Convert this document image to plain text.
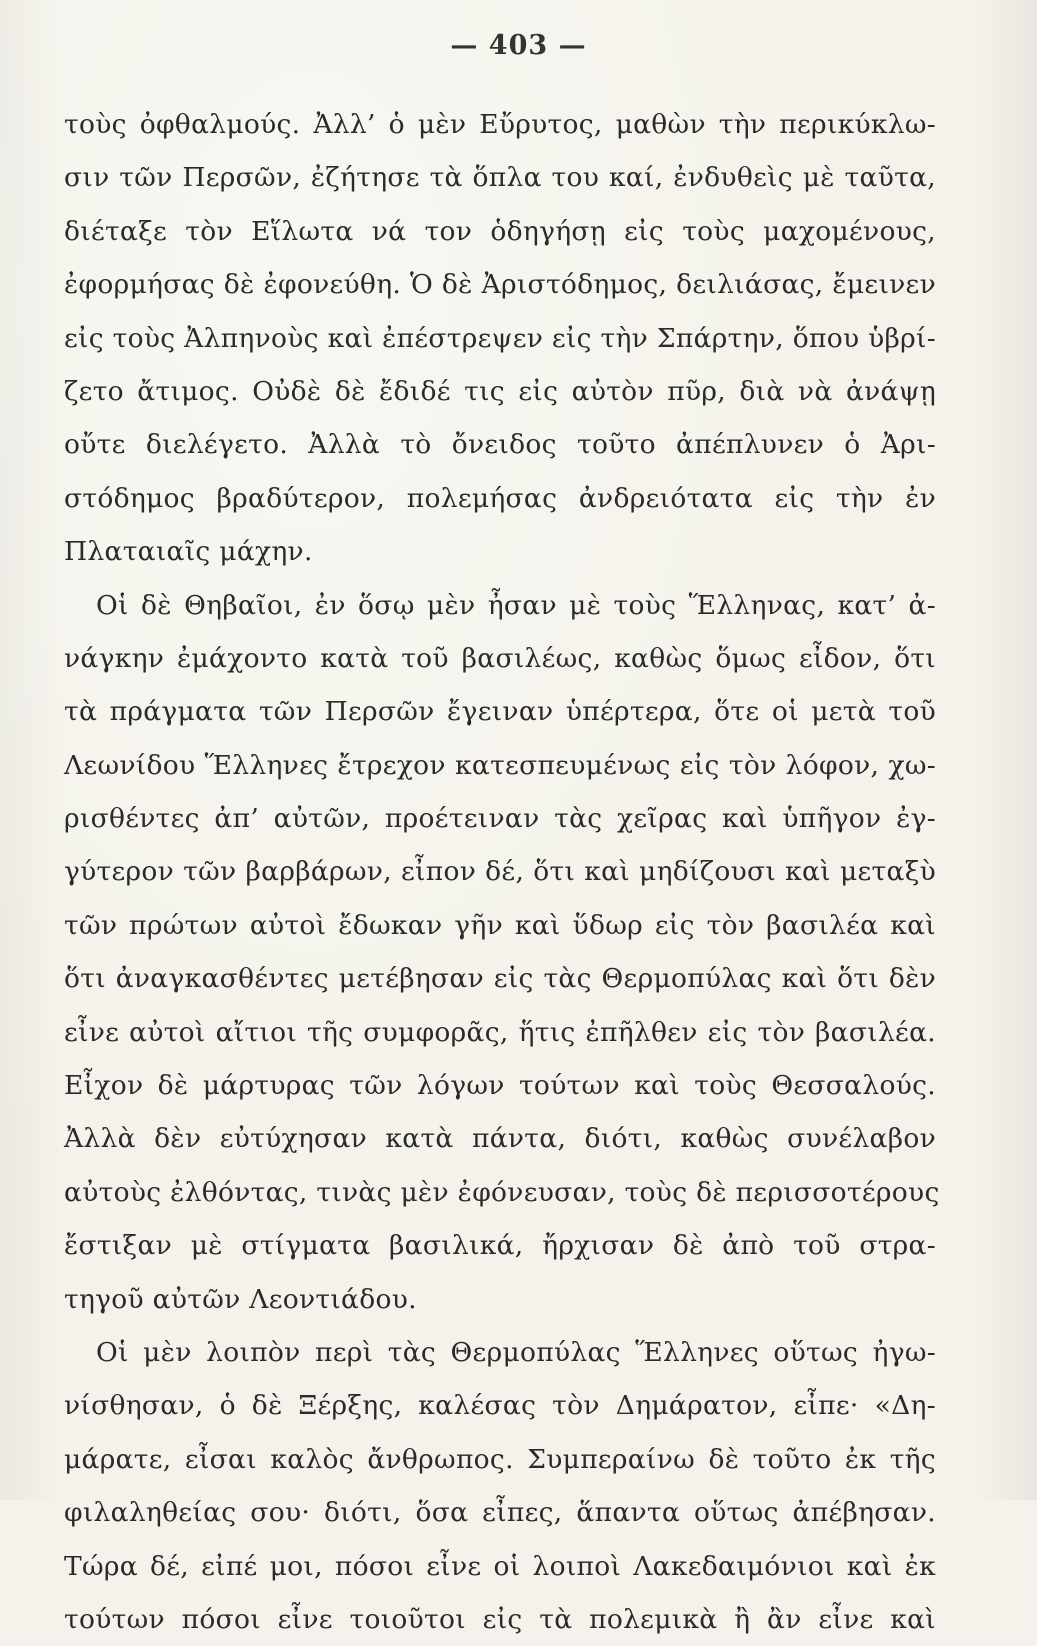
— 403 —
τοὺς ὀφθαλμούς. Ἀλλ’ ὁ μὲν Εὔρυτος, μαθὼν τὴν περικύκλω-
σιν τῶν Περσῶν, ἐζήτησε τὰ ὅπλα του καί, ἐνδυθεὶς μὲ ταῦτα,
διέταξε τὸν Εἵλωτα νά τον ὁδηγήσῃ εἰς τοὺς μαχομένους,
ἐφορμήσας δὲ ἐφονεύθη. Ὁ δὲ Ἀριστόδημος, δειλιάσας, ἔμεινεν
εἰς τοὺς Ἀλπηνοὺς καὶ ἐπέστρεψεν εἰς τὴν Σπάρτην, ὅπου ὑβρί-
ζετο ἄτιμος. Οὐδὲ δὲ ἔδιδέ τις εἰς αὐτὸν πῦρ, διὰ νὰ ἀνάψῃ
οὔτε διελέγετο. Ἀλλὰ τὸ ὄνειδος τοῦτο ἀπέπλυνεν ὁ Ἀρι-
στόδημος βραδύτερον, πολεμήσας ἀνδρειότατα εἰς τὴν ἐν
Πλαταιαῖς μάχην.
Οἱ δὲ Θηβαῖοι, ἐν ὅσῳ μὲν ἦσαν μὲ τοὺς Ἕλληνας, κατ’ ἀ-
νάγκην ἐμάχοντο κατὰ τοῦ βασιλέως, καθὼς ὅμως εἶδον, ὅτι
τὰ πράγματα τῶν Περσῶν ἔγειναν ὑπέρτερα, ὅτε οἱ μετὰ τοῦ
Λεωνίδου Ἕλληνες ἔτρεχον κατεσπευμένως εἰς τὸν λόφον, χω-
ρισθέντες ἀπ’ αὐτῶν, προέτειναν τὰς χεῖρας καὶ ὑπῆγον ἐγ-
γύτερον τῶν βαρβάρων, εἶπον δέ, ὅτι καὶ μηδίζουσι καὶ μεταξὺ
τῶν πρώτων αὐτοὶ ἔδωκαν γῆν καὶ ὕδωρ εἰς τὸν βασιλέα καὶ
ὅτι ἀναγκασθέντες μετέβησαν εἰς τὰς Θερμοπύλας καὶ ὅτι δὲν
εἶνε αὐτοὶ αἴτιοι τῆς συμφορᾶς, ἥτις ἐπῆλθεν εἰς τὸν βασιλέα.
Εἶχον δὲ μάρτυρας τῶν λόγων τούτων καὶ τοὺς Θεσσαλούς.
Ἀλλὰ δὲν εὐτύχησαν κατὰ πάντα, διότι, καθὼς συνέλαβον
αὐτοὺς ἐλθόντας, τινὰς μὲν ἐφόνευσαν, τοὺς δὲ περισσοτέρους
ἔστιξαν μὲ στίγματα βασιλικά, ἤρχισαν δὲ ἀπὸ τοῦ στρα-
τηγοῦ αὐτῶν Λεοντιάδου.
Οἱ μὲν λοιπὸν περὶ τὰς Θερμοπύλας Ἕλληνες οὕτως ἠγω-
νίσθησαν, ὁ δὲ Ξέρξης, καλέσας τὸν Δημάρατον, εἶπε· «Δη-
μάρατε, εἶσαι καλὸς ἄνθρωπος. Συμπεραίνω δὲ τοῦτο ἐκ τῆς
φιλαληθείας σου· διότι, ὅσα εἶπες, ἅπαντα οὕτως ἀπέβησαν.
Τώρα δέ, εἰπέ μοι, πόσοι εἶνε οἱ λοιποὶ Λακεδαιμόνιοι καὶ ἐκ
τούτων πόσοι εἶνε τοιοῦτοι εἰς τὰ πολεμικὰ ἢ ἂν εἶνε καὶ
